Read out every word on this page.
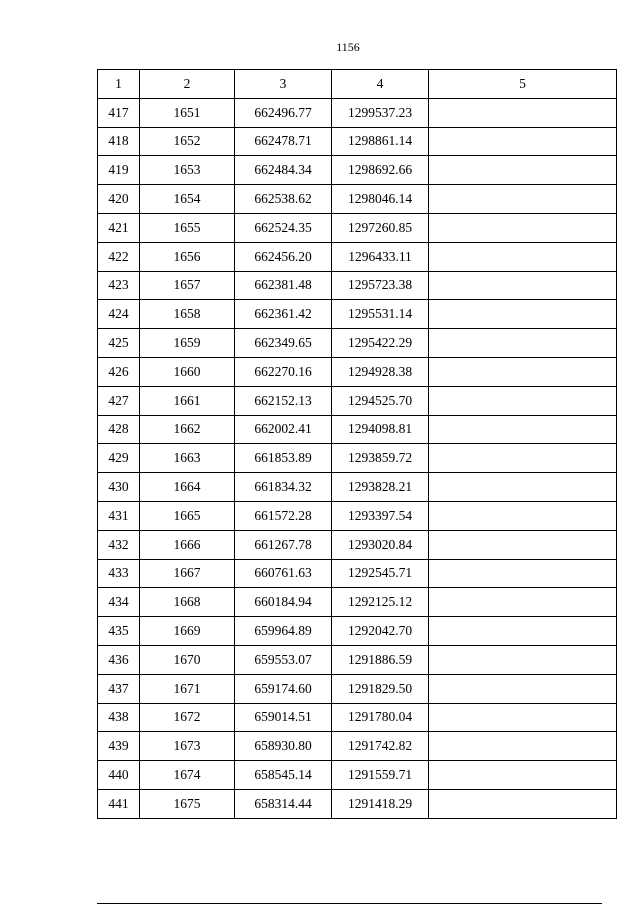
1156
1	2	3	4	5
417	1651	662496.77	1299537.23	
418	1652	662478.71	1298861.14	
419	1653	662484.34	1298692.66	
420	1654	662538.62	1298046.14	
421	1655	662524.35	1297260.85	
422	1656	662456.20	1296433.11	
423	1657	662381.48	1295723.38	
424	1658	662361.42	1295531.14	
425	1659	662349.65	1295422.29	
426	1660	662270.16	1294928.38	
427	1661	662152.13	1294525.70	
428	1662	662002.41	1294098.81	
429	1663	661853.89	1293859.72	
430	1664	661834.32	1293828.21	
431	1665	661572.28	1293397.54	
432	1666	661267.78	1293020.84	
433	1667	660761.63	1292545.71	
434	1668	660184.94	1292125.12	
435	1669	659964.89	1292042.70	
436	1670	659553.07	1291886.59	
437	1671	659174.60	1291829.50	
438	1672	659014.51	1291780.04	
439	1673	658930.80	1291742.82	
440	1674	658545.14	1291559.71	
441	1675	658314.44	1291418.29	
